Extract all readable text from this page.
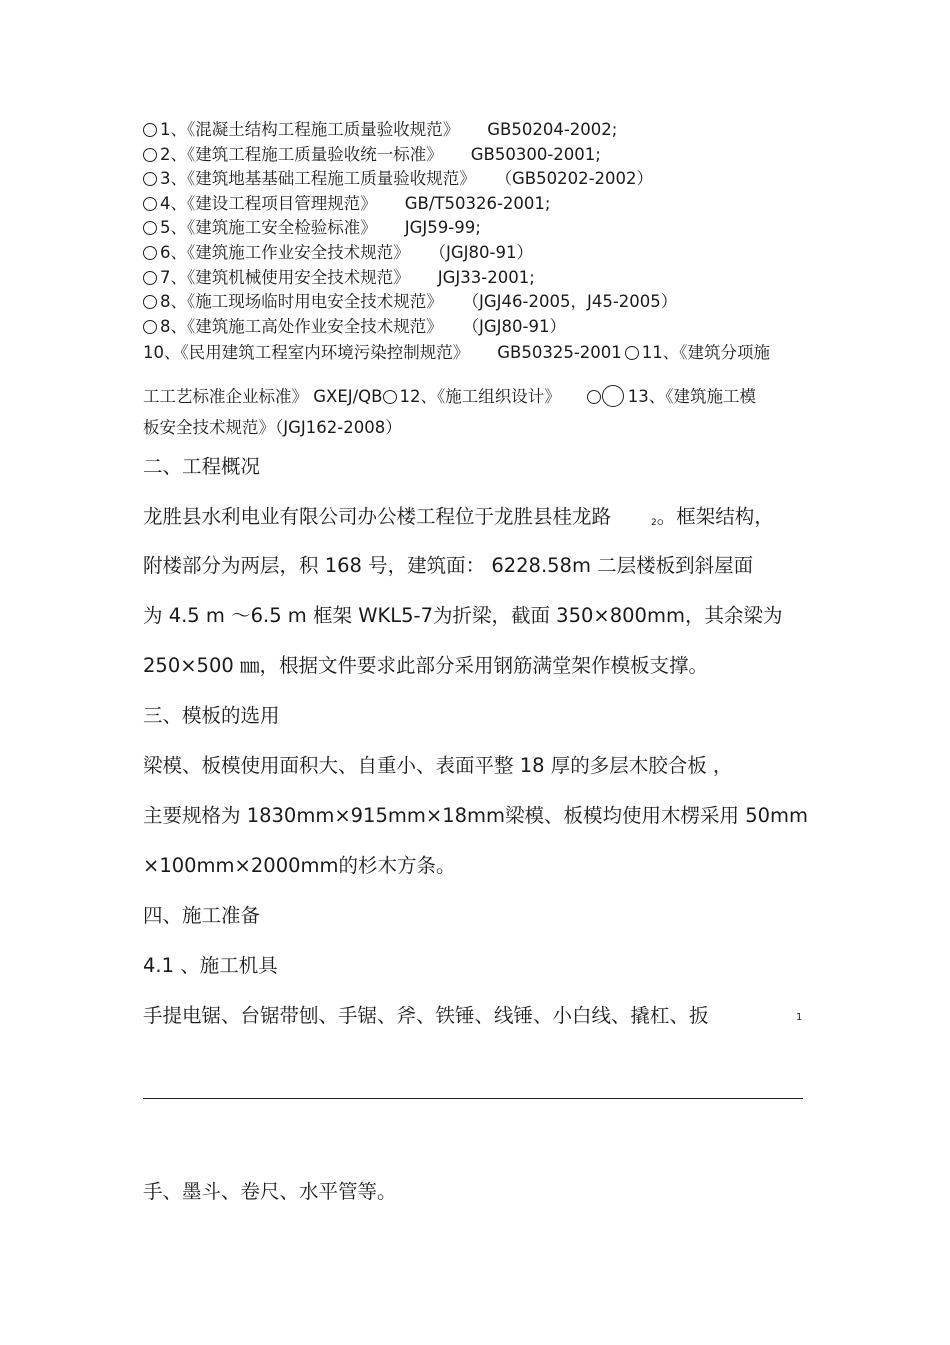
1、《混凝土结构工程施工质量验收规范》 GB50204-2002;
2、《建筑工程施工质量验收统一标准》 GB50300-2001;
3、《建筑地基基础工程施工质量验收规范》 （GB50202-2002）
4、《建设工程项目管理规范》 GB/T50326-2001;
5、《建筑施工安全检验标准》 JGJ59-99;
6、《建筑施工作业安全技术规范》 （JGJ80-91）
7、《建筑机械使用安全技术规范》 JGJ33-2001;
8、《施工现场临时用电安全技术规范》 （JGJ46-2005，J45-2005）
8、《建筑施工高处作业安全技术规范》 （JGJ80-91）
10、《民用建筑工程室内环境污染控制规范》 GB50325-2001 11、《建筑分项施
工工艺标准企业标准》 GXEJ/QB 12、《施工组织设计》	13、《建筑施工模
板安全技术规范》（JGJ162-2008）
二、工程概况
龙胜县水利电业有限公司办公楼工程位于龙胜县桂龙路	$_2$。框架结构，
附楼部分为两层，积 168 号，建筑面： 6228.58m 二层楼板到斜屋面
为 4.5 m ～6.5 m 框架 WKL5-7为折梁，截面 350×800mm，其余梁为
250×500 ㎜，根据文件要求此部分采用钢筋满堂架作模板支撑。
三、模板的选用
梁模、板模使用面积大、自重小、表面平整 18 厚的多层木胶合板 ，
主要规格为 1830mm×915mm×18mm梁模、板模均使用木楞采用 50mm
×100mm×2000mm的杉木方条。
四、施工准备
4.1 、施工机具
手提电锯、台锯带刨、手锯、斧、铁锤、线锤、小白线、撬杠、扳	1
手、墨斗、卷尺、水平管等。
